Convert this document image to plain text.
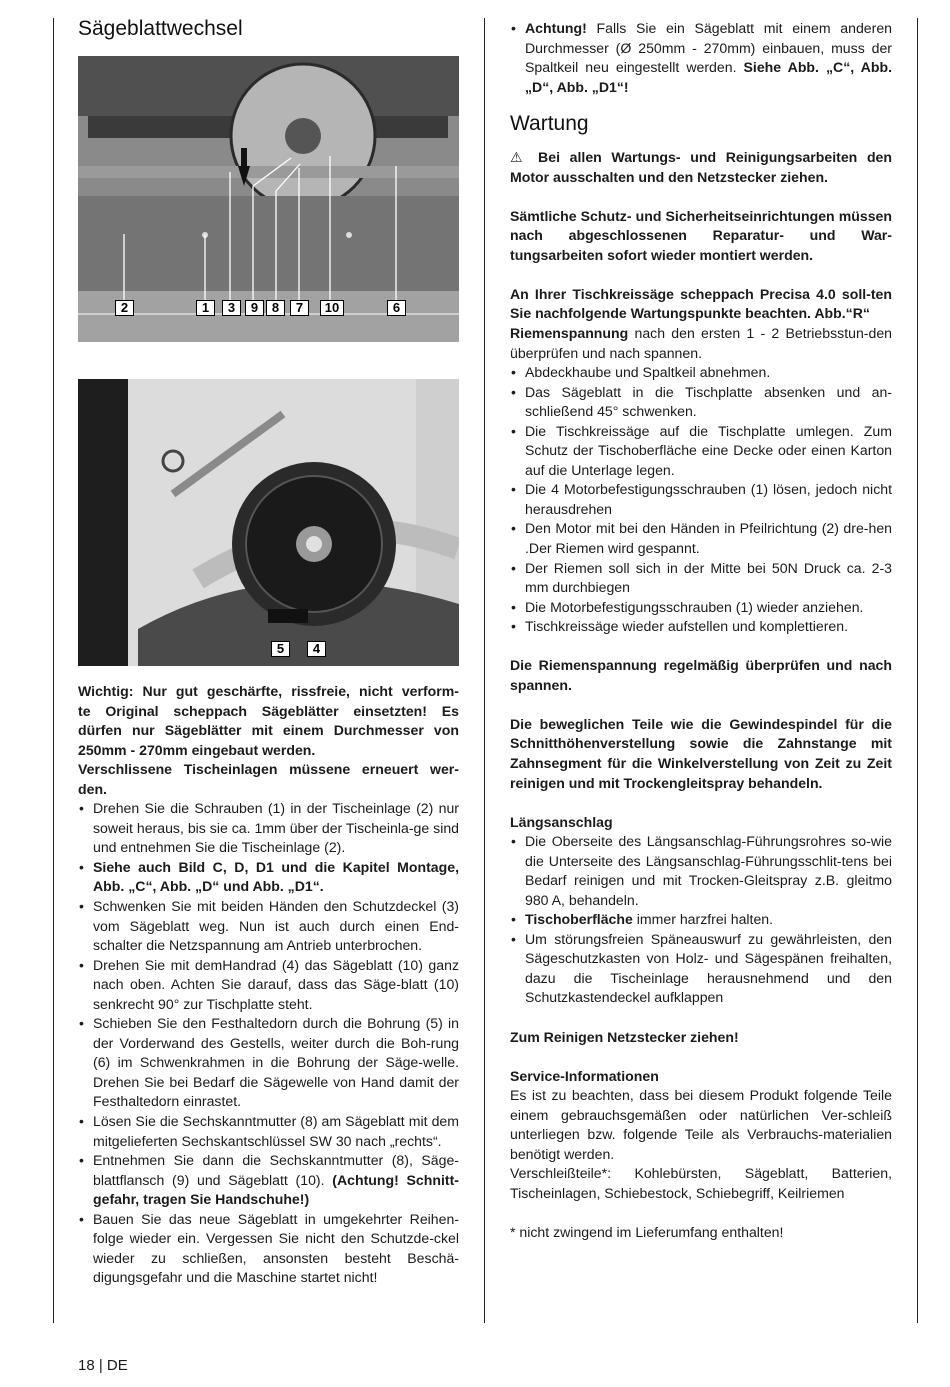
Sägeblattwechsel
2	1	3	9	8	7	10	6
5	4

Wichtig: Nur gut geschärfte, rissfreie, nicht verform-

te Original scheppach Sägeblätter einsetzten! Es

dürfen nur Sägeblätter mit einem Durchmesser von

250mm - 270mm eingebaut werden.

Verschlissene Tischeinlagen müssene erneuert wer-

den.

• Drehen Sie die Schrauben (1) in der Tischeinlage (2) nur soweit heraus, bis sie ca. 1mm über der Tischeinla-ge sind und entnehmen Sie die Tischeinlage (2).
• Siehe auch Bild C, D, D1 und die Kapitel Montage, Abb. „C“, Abb. „D“ und Abb. „D1“.
• Schwenken Sie mit beiden Händen den Schutzdeckel (3) vom Sägeblatt weg. Nun ist auch durch einen End-schalter die Netzspannung am Antrieb unterbrochen.
• Drehen Sie mit demHandrad (4) das Sägeblatt (10) ganz nach oben. Achten Sie darauf, dass das Säge-blatt (10) senkrecht 90° zur Tischplatte steht.
• Schieben Sie den Festhaltedorn durch die Bohrung (5) in der Vorderwand des Gestells, weiter durch die Boh-rung (6) im Schwenkrahmen in die Bohrung der Säge-welle. Drehen Sie bei Bedarf die Sägewelle von Hand damit der Festhaltedorn einrastet.
• Lösen Sie die Sechskanntmutter (8) am Sägeblatt mit dem mitgelieferten Sechskantschlüssel SW 30 nach „rechts“.
• Entnehmen Sie dann die Sechskanntmutter (8), Säge-blattflansch (9) und Sägeblatt (10). (Achtung! Schnitt-gefahr, tragen Sie Handschuhe!)
• Bauen Sie das neue Sägeblatt in umgekehrter Reihen-folge wieder ein. Vergessen Sie nicht den Schutzde-ckel wieder zu schließen, ansonsten besteht Beschä-digungsgefahr und die Maschine startet nicht!
• Achtung! Falls Sie ein Sägeblatt mit einem anderen Durchmesser (Ø 250mm - 270mm) einbauen, muss der Spaltkeil neu eingestellt werden. Siehe Abb. „C“, Abb. „D“, Abb. „D1“!
Wartung

⚠ Bei allen Wartungs- und Reinigungsarbeiten den Motor ausschalten und den Netzstecker ziehen.

Sämtliche Schutz- und Sicherheitseinrichtungen müssen nach abgeschlossenen Reparatur- und War-tungsarbeiten sofort wieder montiert werden.

An Ihrer Tischkreissäge scheppach Precisa 4.0 soll-ten Sie nachfolgende Wartungspunkte beachten. Abb.“R“

Riemenspannung nach den ersten 1 - 2 Betriebsstun-den überprüfen und nach spannen.

• Abdeckhaube und Spaltkeil abnehmen.
• Das Sägeblatt in die Tischplatte absenken und an-schließend 45° schwenken.
• Die Tischkreissäge auf die Tischplatte umlegen. Zum Schutz der Tischoberfläche eine Decke oder einen Karton auf die Unterlage legen.
• Die 4 Motorbefestigungsschrauben (1) lösen, jedoch nicht herausdrehen
• Den Motor mit bei den Händen in Pfeilrichtung (2) dre-hen .Der Riemen wird gespannt.
• Der Riemen soll sich in der Mitte bei 50N Druck ca. 2-3 mm durchbiegen
• Die Motorbefestigungsschrauben (1) wieder anziehen.
• Tischkreissäge wieder aufstellen und komplettieren.

Die Riemenspannung regelmäßig überprüfen und nach spannen.

Die beweglichen Teile wie die Gewindespindel für die Schnitthöhenverstellung sowie die Zahnstange mit Zahnsegment für die Winkelverstellung von Zeit zu Zeit reinigen und mit Trockengleitspray behandeln.

Längsanschlag

• Die Oberseite des Längsanschlag-Führungsrohres so-wie die Unterseite des Längsanschlag-Führungsschlit-tens bei Bedarf reinigen und mit Trocken-Gleitspray z.B. gleitmo 980 A, behandeln.
• Tischoberfläche immer harzfrei halten.
• Um störungsfreien Späneauswurf zu gewährleisten, den Sägeschutzkasten von Holz- und Sägespänen freihalten, dazu die Tischeinlage herausnehmend und den Schutzkastendeckel aufklappen

Zum Reinigen Netzstecker ziehen!

Service-Informationen

Es ist zu beachten, dass bei diesem Produkt folgende Teile einem gebrauchsgemäßen oder natürlichen Ver-schleiß unterliegen bzw. folgende Teile als Verbrauchs-materialien benötigt werden.

Verschleißteile*: Kohlebürsten, Sägeblatt, Batterien, Tischeinlagen, Schiebestock, Schiebegriff, Keilriemen

* nicht zwingend im Lieferumfang enthalten!

18 | DE
